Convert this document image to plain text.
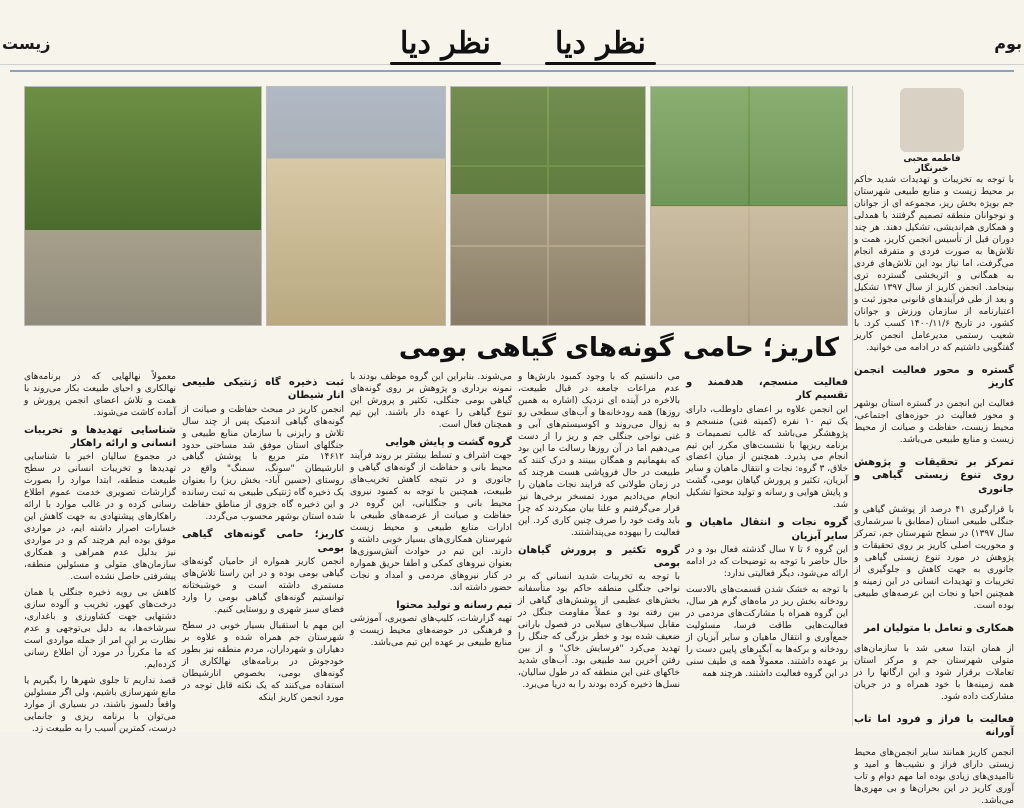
زیست	بوم
نظر دیا نظر دیا
فاطمه محبی
خبرنگار

با توجه به تخریبات و تهدیدات شدید حاکم بر محیط زیست و منابع طبیعی شهرستان جم بویژه بخش ریز، مجموعه ای از جوانان و نوجوانان منطقه تصمیم گرفتند با همدلی و همکاری هم‌اندیشی، تشکیل دهند. هر چند دوران قبل از تأسیس انجمن کاریز، همت و تلاش‌ها به صورت فردی و متفرقه انجام می‌گرفت، اما نیاز بود این تلاش‌های فردی به همگانی و اثربخشی گسترده تری بینجامد. انجمن کاریز از سال ۱۳۹۷ تشکیل و بعد از طی فرآیندهای قانونی مجوز ثبت و اعتبارنامه از سازمان ورزش و جوانان کشور، در تاریخ ۱۴۰۰/۱۱/۶ کسب کرد. با شعیب رستمی مدیرعامل انجمن کاریز گفتگویی داشتیم که در ادامه می خوانید.

گستره و محور فعالیت انجمن کاریز

فعالیت این انجمن در گستره استان بوشهر و محور فعالیت در حوزه‌های اجتماعی، محیط زیست، حفاظت و صیانت از محیط زیست و منابع طبیعی می‌باشد.

تمرکز بر تحقیقات و پژوهش روی تنوع زیستی گیاهی و جانوری

با قرارگیری ۴۱ درصد از پوشش گیاهی و جنگلی طبیعی استان (مطابق با سرشماری سال ۱۳۹۷) در سطح شهرستان جم، تمرکز و محوریت اصلی کاریز بر روی تحقیقات و پژوهش در مورد تنوع زیستی گیاهی و جانوری به جهت کاهش و جلوگیری از تخریبات و تهدیدات انسانی در این زمینه و همچنین احیا و نجات این عرصه‌های طبیعی بوده است.

همکاری و تعامل با متولیان امر

از همان ابتدا سعی شد با سازمان‌های متولی شهرستان جم و مرکز استان تعاملات برقرار شود و این ارگانها را در همه زمینه‌ها با خود همراه و در جریان مشارکت داده شود.

فعالیت با فراز و فرود اما تاب آورانه

انجمن کاریز همانند سایر انجمن‌های محیط زیستی دارای فراز و نشیب‌ها و امید و ناامیدی‌های زیادی بوده اما مهم دوام و تاب آوری کاریز در این بحران‌ها و بی مهری‌ها می‌باشد.

کاریز؛ حامی گونه‌های گیاهی بومی
فعالیت منسجم، هدفمند و تقسیم کار

این انجمن علاوه بر اعضای داوطلب، دارای یک تیم ۱۰ نفره (کمیته فنی) منسجم و پژوهشگر می‌باشد که غالب تصمیمات و برنامه ریزیها با نشست‌های مکرر این تیم انجام می پذیرد. همچنین از میان اعضای خلاق، ۳ گروه: نجات و انتقال ماهیان و سایر آبزیان، تکثیر و پرورش گیاهان بومی، گشت و پایش هوایی و رسانه و تولید محتوا تشکیل شد.

گروه نجات و انتقال ماهیان و سایر آبزیان

این گروه ۶ تا ۷ سال گذشته فعال بود و در حال حاضر با توجه به توضیحات که در ادامه ارائه می‌شود، دیگر فعالیتی ندارد:

با توجه به خشک شدن قسمت‌های بالادست رودخانه بخش ریز در ماه‌های گرم هر سال، این گروه همراه با مشارکت‌های مردمی در فعالیت‌هایی طاقت فرسا، مسئولیت جمع‌آوری و انتقال ماهیان و سایر آبزیان از رودخانه و برکه‌ها به آبگیرهای پایین دست را بر عهده داشتند. معمولاً همه ی طیف سنی در این گروه فعالیت داشتند. هرچند همه

می دانستیم که با وجود کمبود بارش‌ها و عدم مراعات جامعه در قبال طبیعت، بالاخره در آینده ای نزدیک (اشاره به همین روزها) همه رودخانه‌ها و آب‌های سطحی رو به زوال می‌روند و اکوسیستم‌های آبی و غنی نواحی جنگلی جم و ریز را از دست می‌دهیم اما در آن روزها رسالت ما این بود که بفهمانیم و همگان ببینند و درک کنند که طبیعت در حال فروپاشی هست هرچند که در زمان طولانی که فرایند نجات ماهیان را انجام می‌دادیم مورد تمسخر برخی‌ها نیز قرار می‌گرفتیم و علنا بیان میکردند که چرا باید وقت خود را صرف چنین کاری کرد. این فعالیت را بیهوده می‌پنداشتند.

گروه تکثیر و پرورش گیاهان بومی

با توجه به تخریبات شدید انسانی که بر نواحی جنگلی منطقه حاکم بود متأسفانه بخش‌های عظیمی از پوشش‌های گیاهی از بین رفته بود و عملاً مقاومت جنگل در مقابل سیلاب‌های سیلابی در فصول بارانی ضعیف شده بود و خطر بزرگی که جنگل را تهدید می‌کرد "فرسایش خاک" و از بین رفتن آخرین سد طبیعی بود. آب‌های شدید خاکهای غنی این منطقه که در طول سالیان، نسل‌ها ذخیره کرده بودند را به دریا می‌برد.

می‌شوند. بنابراین این گروه موظف بودند با نمونه برداری و پژوهش بر روی گونه‌های گیاهی بومی جنگلی، تکثیر و پرورش این تنوع گیاهی را عهده دار باشند. این تیم همچنان فعال است.

گروه گشت و پایش هوایی

جهت اشراف و تسلط بیشتر بر روند فرآیند محیط بانی و حفاظت از گونه‌های گیاهی و جانوری و در نتیجه کاهش تخریب‌های طبیعت، همچنین با توجه به کمبود نیروی محیط بانی و جنگلبانی، این گروه در حفاظت و صیانت از عرصه‌های طبیعی با ادارات منابع طبیعی و محیط زیست شهرستان همکاری‌های بسیار خوبی داشته و دارند. این تیم در حوادث آتش‌سوزی‌ها بعنوان نیروهای کمکی و اطفا حریق همواره در کنار نیروهای مردمی و امداد و نجات حضور داشته اند.

تیم رسانه و تولید محتوا

تهیه گزارشات، کلیپ‌های تصویری، آموزشی و فرهنگی در حوضه‌های محیط زیست و منابع طبیعی بر عهده این تیم می‌باشد.

ثبت ذخیره گاه ژنتیکی طبیعی انار شیطان

انجمن کاریز در مبحث حفاظت و صیانت از گونه‌های گیاهی اندمیک پس از چند سال تلاش و رایزنی با سازمان منابع طبیعی و جنگلهای استان موفق شد مساحتی حدود ۱۴۶۱۲ متر مربع با پوشش گیاهی انارشیطان "سونگ، سمنگ" واقع در روستای (حسین آباد- بخش ریز) را بعنوان یک ذخیره گاه ژنتیکی طبیعی به ثبت رسانده و این ذخیره گاه جزوی از مناطق حفاظت شده استان بوشهر محسوب می‌گردد.

کاریز؛ حامی گونه‌های گیاهی بومی

انجمن کاریز همواره از حامیان گونه‌های گیاهی بومی بوده و در این راستا تلاش‌های مستمری داشته است و خوشبختانه توانستیم گونه‌های گیاهی بومی را وارد فضای سبز شهری و روستایی کنیم.

این مهم با استقبال بسیار خوبی در سطح شهرستان جم همراه شده و علاوه بر دهیاران و شهرداران، مردم منطقه نیز بطور خودجوش در برنامه‌های نهالکاری از گونه‌های بومی، بخصوص انارشیطان استفاده می‌کنند که یک نکته قابل توجه در مورد انجمن کاریز اینکه

معمولاً نهالهایی که در برنامه‌های نهالکاری و احیای طبیعت بکار می‌روند با همت و تلاش اعضای انجمن پرورش و آماده کاشت می‌شوند.

شناسایی تهدیدها و تخریبات انسانی و ارائه راهکار

در مجموع سالیان اخیر با شناسایی تهدیدها و تخریبات انسانی در سطح طبیعت منطقه، ابتدا موارد را بصورت گزارشات تصویری خدمت عموم اطلاع رسانی کرده و در غالب موارد با ارائه راهکارهای پیشنهادی به جهت کاهش این خسارات اصرار داشته ایم، در مواردی موفق بوده ایم هرچند کم و در مواردی نیز بدلیل عدم همراهی و همکاری سازمان‌های متولی و مسئولین منطقه، پیشرفتی حاصل نشده است.

کاهش بی رویه ذخیره جنگلی یا همان درخت‌های کهور، تخریب و آلوده سازی دشتهایی جهت کشاورزی و باغداری، سرشاخه‌ها، به دلیل بی‌توجهی و عدم نظارت بر این امر از جمله مواردی است که ما مکرراً در مورد آن اطلاع رسانی کرده‌ایم.

قصد نداریم تا جلوی شهرها را بگیریم یا مانع شهرسازی باشیم، ولی اگر مسئولین واقعاً دلسوز باشند، در بسیاری از موارد می‌توان با برنامه ریزی و جانمایی درست، کمترین آسیب را به طبیعت زد.
